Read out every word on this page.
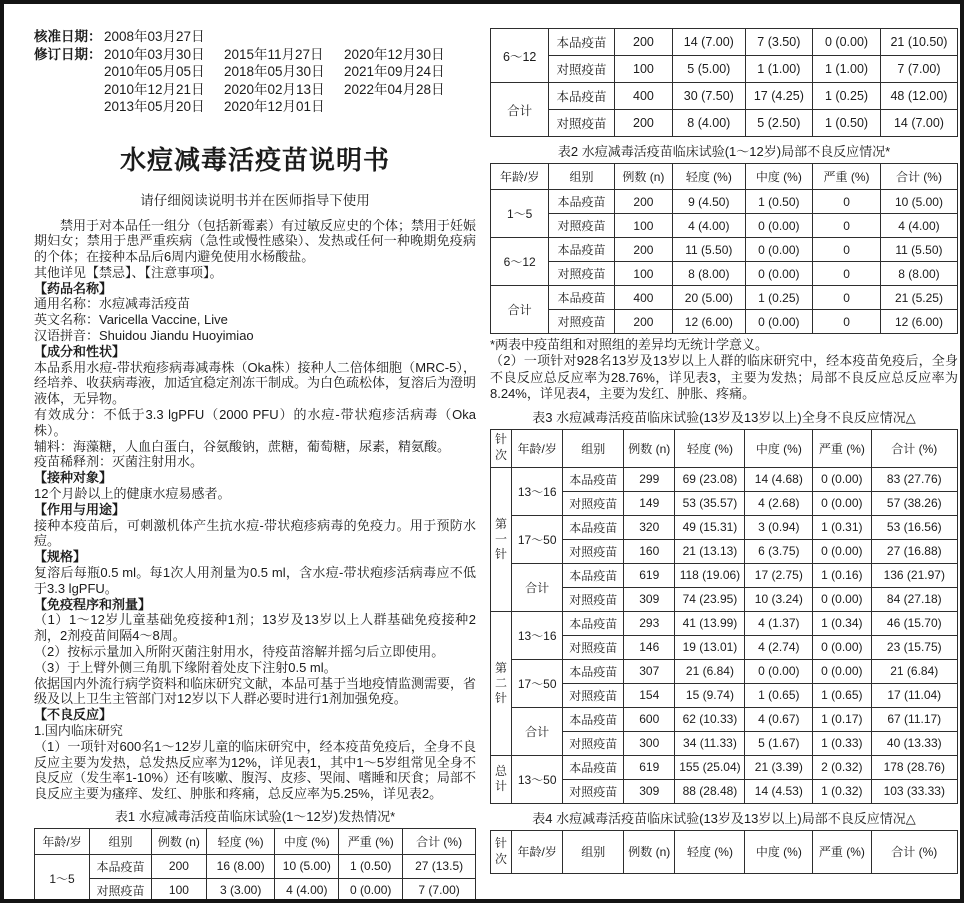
核准日期： 2008年03月27日
修订日期： 2010年03月30日	2015年11月27日	2020年12月30日
2010年05月05日	2018年05月30日	2021年09月24日
2010年12月21日	2020年02月13日	2022年04月28日
2013年05月20日	2020年12月01日
水痘减毒活疫苗说明书
请仔细阅读说明书并在医师指导下使用
禁用于对本品任一组分（包括新霉素）有过敏反应史的个体；禁用于妊娠期妇女；禁用于患严重疾病（急性或慢性感染）、发热或任何一种晚期免疫病的个体；在接种本品后6周内避免使用水杨酸盐。
其他详见【禁忌】、【注意事项】。
【药品名称】
通用名称：水痘减毒活疫苗
英文名称：Varicella Vaccine, Live
汉语拼音：Shuidou Jiandu Huoyimiao
【成分和性状】
本品系用水痘-带状疱疹病毒减毒株（Oka株）接种人二倍体细胞（MRC-5），经培养、收获病毒液，加适宜稳定剂冻干制成。为白色疏松体，复溶后为澄明液体，无异物。
有效成分：不低于3.3 lgPFU（2000 PFU）的水痘-带状疱疹活病毒（Oka株）。
辅料：海藻糖，人血白蛋白，谷氨酸钠，蔗糖，葡萄糖，尿素，精氨酸。
疫苗稀释剂：灭菌注射用水。
【接种对象】
12个月龄以上的健康水痘易感者。
【作用与用途】
接种本疫苗后，可刺激机体产生抗水痘-带状疱疹病毒的免疫力。用于预防水痘。
【规格】
复溶后每瓶0.5 ml。每1次人用剂量为0.5 ml，含水痘-带状疱疹活病毒应不低于3.3 lgPFU。
【免疫程序和剂量】
（1）1～12岁儿童基础免疫接种1剂；13岁及13岁以上人群基础免疫接种2剂，2剂疫苗间隔4～8周。
（2）按标示量加入所附灭菌注射用水，待疫苗溶解并摇匀后立即使用。
（3）于上臂外侧三角肌下缘附着处皮下注射0.5 ml。
依据国内外流行病学资料和临床研究文献，本品可基于当地疫情监测需要，省级及以上卫生主管部门对12岁以下人群必要时进行1剂加强免疫。
【不良反应】
1.国内临床研究
（1）一项针对600名1～12岁儿童的临床研究中，经本疫苗免疫后，全身不良反应主要为发热，总发热反应率为12%，详见表1，其中1～5岁组常见全身不良反应（发生率1-10%）还有咳嗽、腹泻、皮疹、哭闹、嗜睡和厌食；局部不良反应主要为瘙痒、发红、肿胀和疼痛，总反应率为5.25%，详见表2。
表1 水痘减毒活疫苗临床试验(1～12岁)发热情况*
年龄/岁	组别	例数 (n)	轻度 (%)	中度 (%)	严重 (%)	合计 (%)
1～5	本品疫苗	200	16 (8.00)	10 (5.00)	1 (0.50)	27 (13.5)
	对照疫苗	100	3 (3.00)	4 (4.00)	0 (0.00)	7 (7.00)
6～12	本品疫苗	200	14 (7.00)	7 (3.50)	0 (0.00)	21 (10.50)
	对照疫苗	100	5 (5.00)	1 (1.00)	1 (1.00)	7 (7.00)
合计	本品疫苗	400	30 (7.50)	17 (4.25)	1 (0.25)	48 (12.00)
	对照疫苗	200	8 (4.00)	5 (2.50)	1 (0.50)	14 (7.00)
表2 水痘减毒活疫苗临床试验(1～12岁)局部不良反应情况*
年龄/岁	组别	例数 (n)	轻度 (%)	中度 (%)	严重 (%)	合计 (%)
1～5	本品疫苗	200	9 (4.50)	1 (0.50)	0	10 (5.00)
	对照疫苗	100	4 (4.00)	0 (0.00)	0	4 (4.00)
6～12	本品疫苗	200	11 (5.50)	0 (0.00)	0	11 (5.50)
	对照疫苗	100	8 (8.00)	0 (0.00)	0	8 (8.00)
合计	本品疫苗	400	20 (5.00)	1 (0.25)	0	21 (5.25)
	对照疫苗	200	12 (6.00)	0 (0.00)	0	12 (6.00)
*两表中疫苗组和对照组的差异均无统计学意义。
（2）一项针对928名13岁及13岁以上人群的临床研究中，经本疫苗免疫后，全身不良反应总反应率为28.76%，详见表3，主要为发热；局部不良反应总反应率为8.24%，详见表4，主要为发红、肿胀、疼痛。
表3 水痘减毒活疫苗临床试验(13岁及13岁以上)全身不良反应情况△
针次	年龄/岁	组别	例数 (n)	轻度 (%)	中度 (%)	严重 (%)	合计 (%)
第一针	13～16	本品疫苗	299	69 (23.08)	14 (4.68)	0 (0.00)	83 (27.76)
		对照疫苗	149	53 (35.57)	4 (2.68)	0 (0.00)	57 (38.26)
	17～50	本品疫苗	320	49 (15.31)	3 (0.94)	1 (0.31)	53 (16.56)
		对照疫苗	160	21 (13.13)	6 (3.75)	0 (0.00)	27 (16.88)
	合计	本品疫苗	619	118 (19.06)	17 (2.75)	1 (0.16)	136 (21.97)
		对照疫苗	309	74 (23.95)	10 (3.24)	0 (0.00)	84 (27.18)
第二针	13～16	本品疫苗	293	41 (13.99)	4 (1.37)	1 (0.34)	46 (15.70)
		对照疫苗	146	19 (13.01)	4 (2.74)	0 (0.00)	23 (15.75)
	17～50	本品疫苗	307	21 (6.84)	0 (0.00)	0 (0.00)	21 (6.84)
		对照疫苗	154	15 (9.74)	1 (0.65)	1 (0.65)	17 (11.04)
	合计	本品疫苗	600	62 (10.33)	4 (0.67)	1 (0.17)	67 (11.17)
		对照疫苗	300	34 (11.33)	5 (1.67)	1 (0.33)	40 (13.33)
总计	13～50	本品疫苗	619	155 (25.04)	21 (3.39)	2 (0.32)	178 (28.76)
		对照疫苗	309	88 (28.48)	14 (4.53)	1 (0.32)	103 (33.33)
表4 水痘减毒活疫苗临床试验(13岁及13岁以上)局部不良反应情况△
针次	年龄/岁	组别	例数 (n)	轻度 (%)	中度 (%)	严重 (%)	合计 (%)
